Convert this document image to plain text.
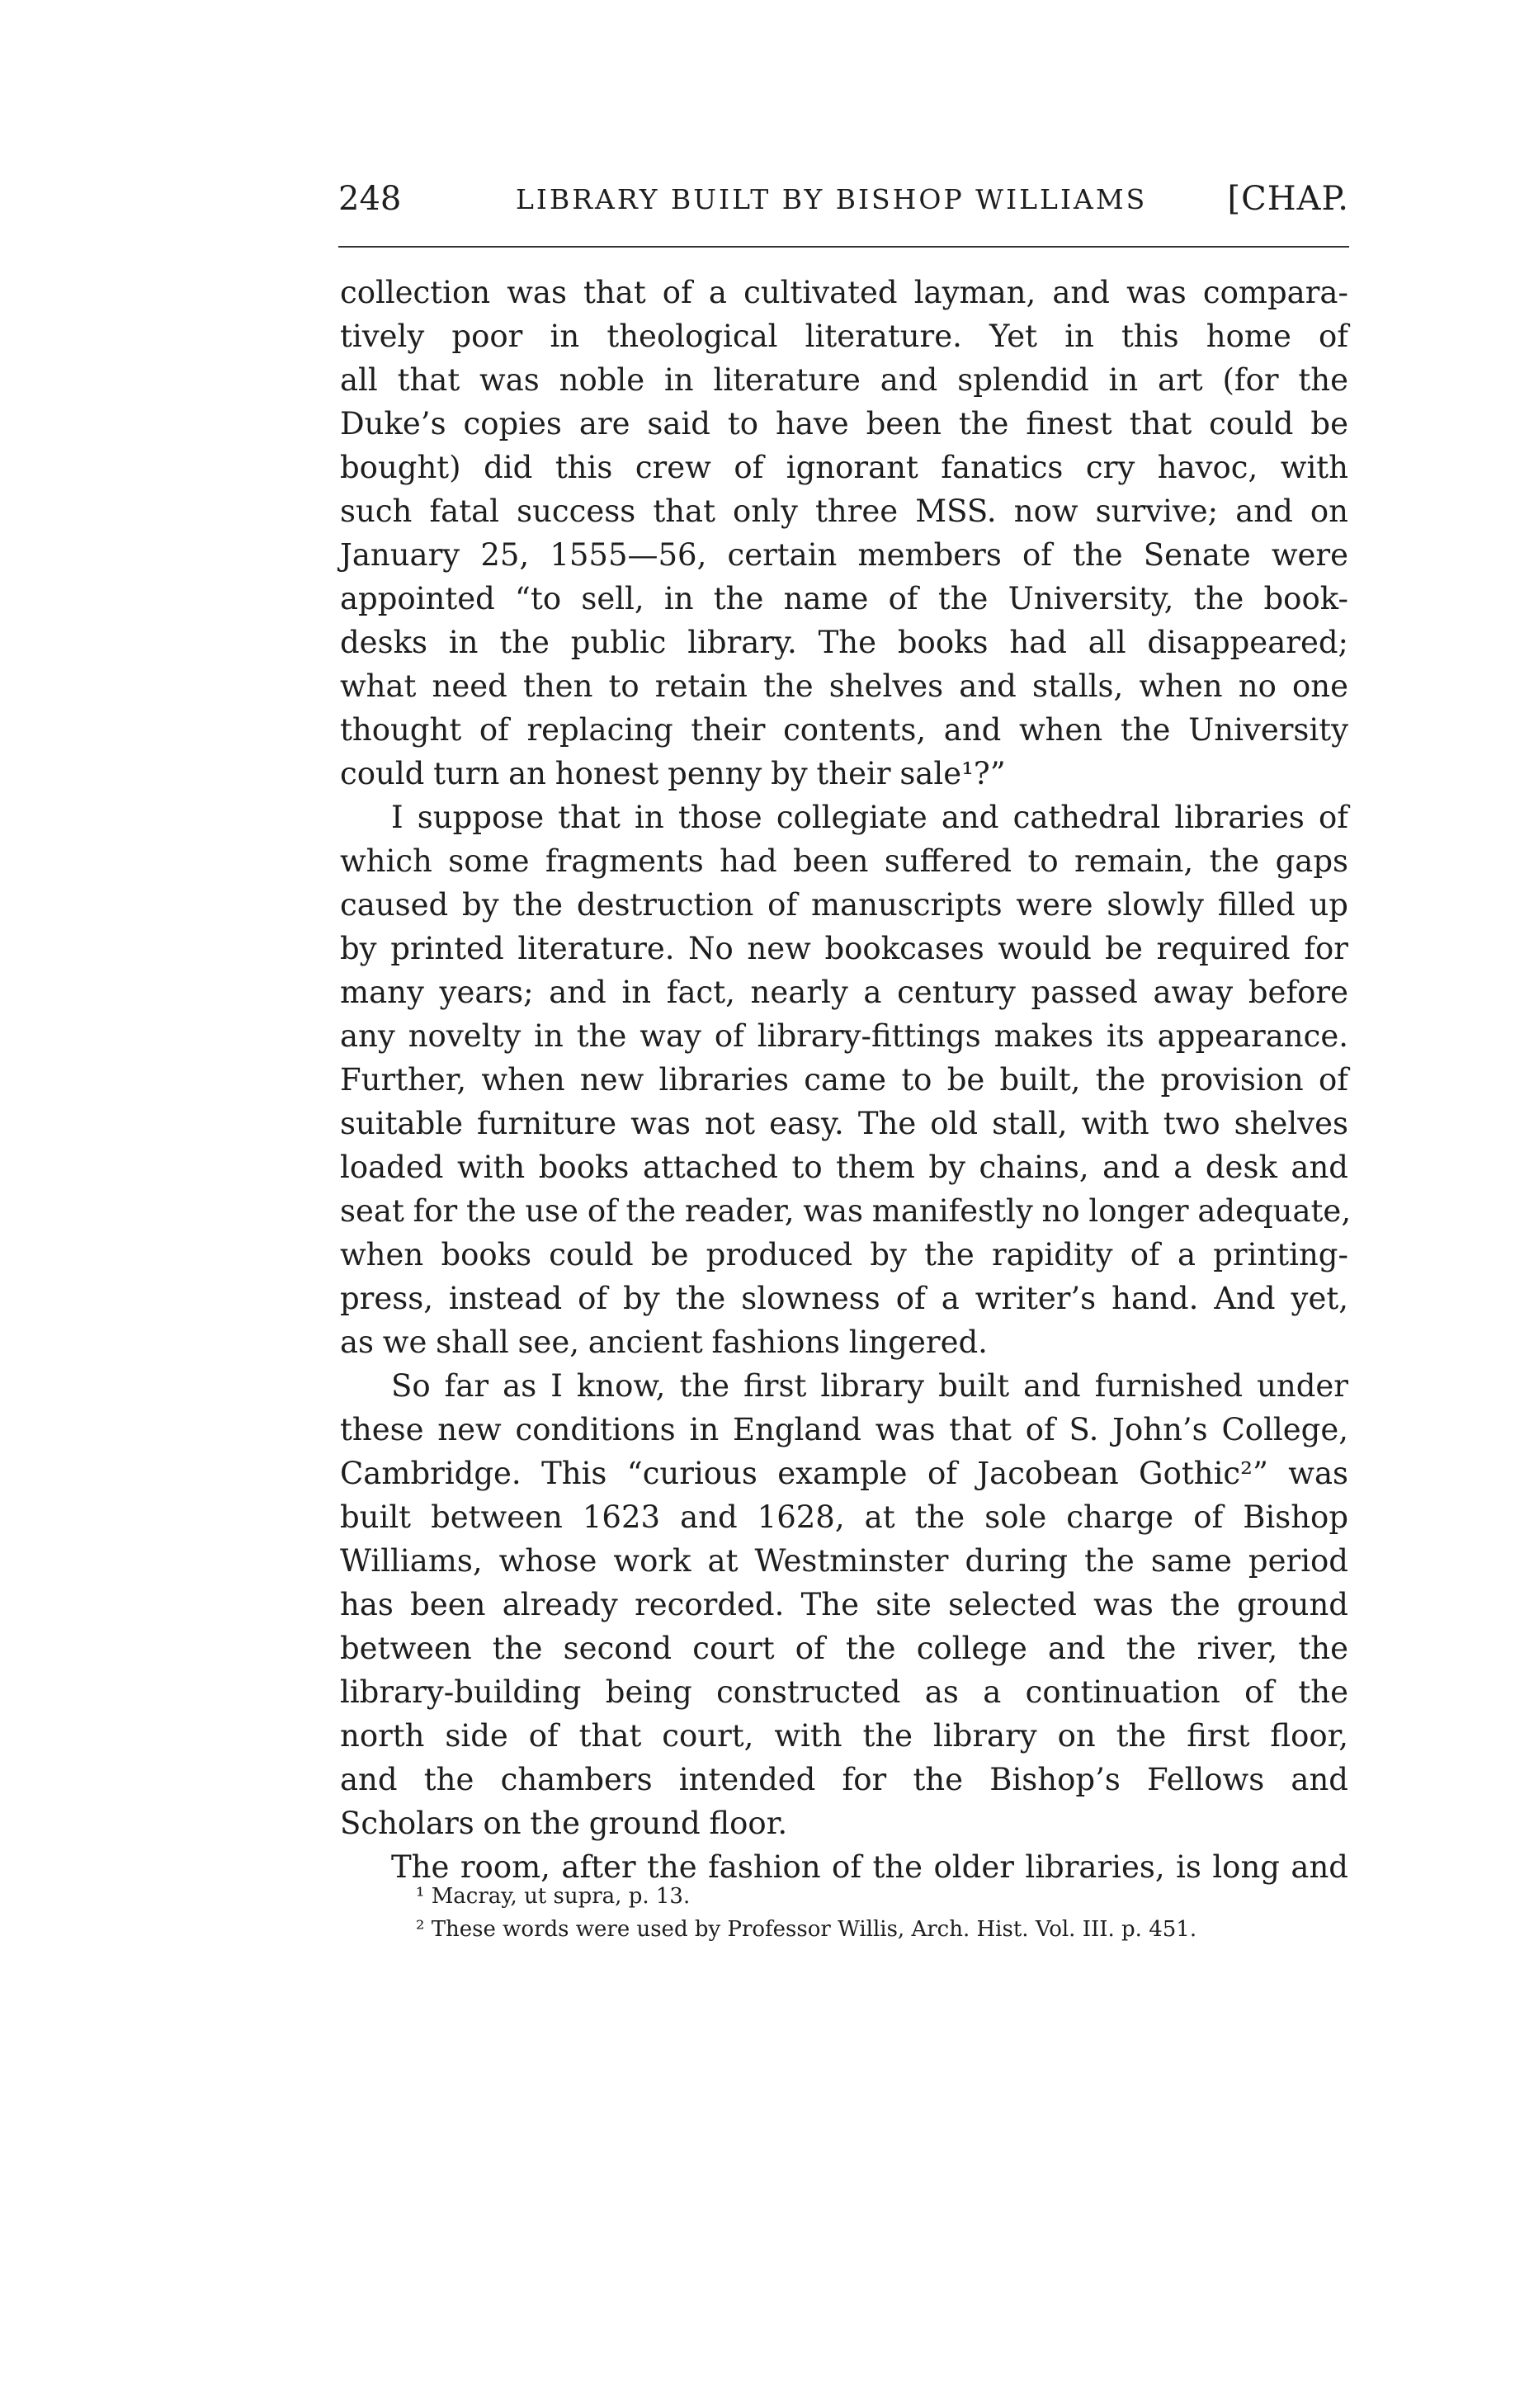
248	LIBRARY BUILT BY BISHOP WILLIAMS [CHAP.
collection was that of a cultivated layman, and was compara-
tively poor in theological literature. Yet in this home of
all that was noble in literature and splendid in art (for the
Duke’s copies are said to have been the finest that could be
bought) did this crew of ignorant fanatics cry havoc, with
such fatal success that only three MSS. now survive; and on
January 25, 1555—56, certain members of the Senate were
appointed “to sell, in the name of the University, the book-
desks in the public library. The books had all disappeared;
what need then to retain the shelves and stalls, when no one
thought of replacing their contents, and when the University
could turn an honest penny by their sale¹?”
I suppose that in those collegiate and cathedral libraries of
which some fragments had been suffered to remain, the gaps
caused by the destruction of manuscripts were slowly filled up
by printed literature. No new bookcases would be required for
many years; and in fact, nearly a century passed away before
any novelty in the way of library-fittings makes its appearance.
Further, when new libraries came to be built, the provision of
suitable furniture was not easy. The old stall, with two shelves
loaded with books attached to them by chains, and a desk and
seat for the use of the reader, was manifestly no longer adequate,
when books could be produced by the rapidity of a printing-
press, instead of by the slowness of a writer’s hand. And yet,
as we shall see, ancient fashions lingered.
So far as I know, the first library built and furnished under
these new conditions in England was that of S. John’s College,
Cambridge. This “curious example of Jacobean Gothic²” was
built between 1623 and 1628, at the sole charge of Bishop
Williams, whose work at Westminster during the same period
has been already recorded. The site selected was the ground
between the second court of the college and the river, the
library-building being constructed as a continuation of the
north side of that court, with the library on the first floor,
and the chambers intended for the Bishop’s Fellows and
Scholars on the ground floor.
The room, after the fashion of the older libraries, is long and
¹ Macray, ut supra, p. 13.
² These words were used by Professor Willis, Arch. Hist. Vol. III. p. 451.
